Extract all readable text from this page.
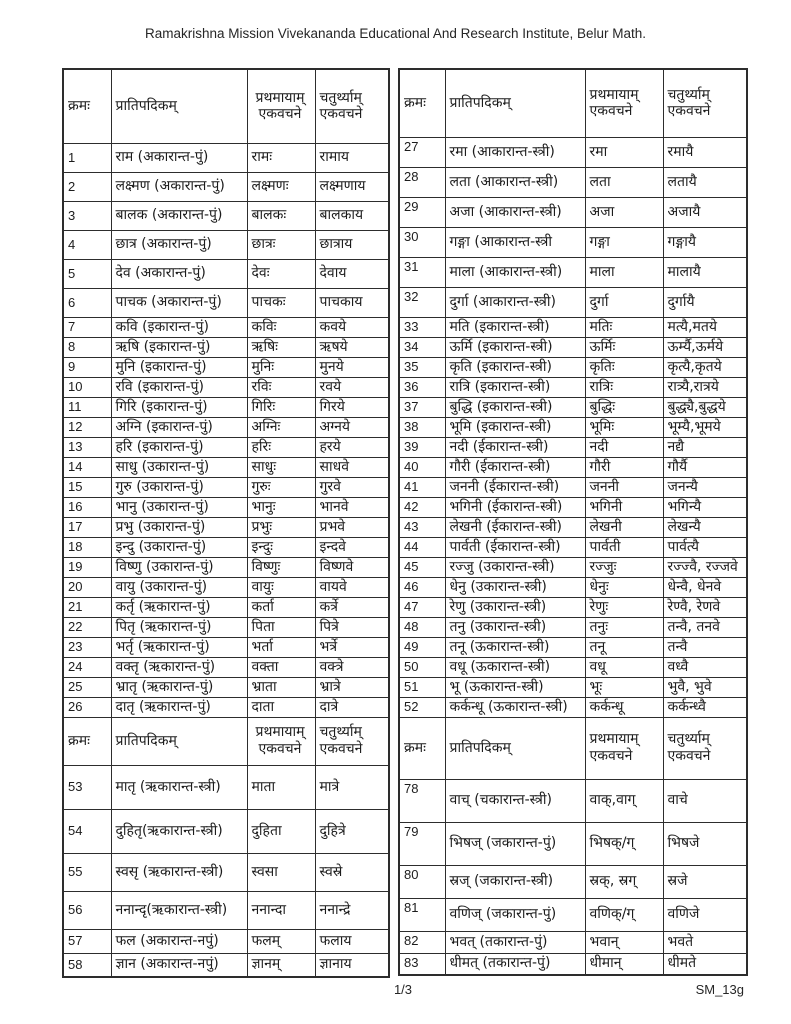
Ramakrishna Mission Vivekananda Educational And Research Institute, Belur Math.
क्रमः	प्रातिपदिकम्	प्रथमायाम् एकवचने	चतुर्थ्याम् एकवचने
1	राम (अकारान्त-पुं)	रामः	रामाय
2	लक्ष्मण (अकारान्त-पुं)	लक्ष्मणः	लक्ष्मणाय
3	बालक (अकारान्त-पुं)	बालकः	बालकाय
4	छात्र (अकारान्त-पुं)	छात्रः	छात्राय
5	देव (अकारान्त-पुं)	देवः	देवाय
6	पाचक (अकारान्त-पुं)	पाचकः	पाचकाय
7	कवि (इकारान्त-पुं)	कविः	कवये
8	ऋषि (इकारान्त-पुं)	ऋषिः	ऋषये
9	मुनि (इकारान्त-पुं)	मुनिः	मुनये
10	रवि (इकारान्त-पुं)	रविः	रवये
11	गिरि (इकारान्त-पुं)	गिरिः	गिरये
12	अग्नि (इकारान्त-पुं)	अग्निः	अग्नये
13	हरि (इकारान्त-पुं)	हरिः	हरये
14	साधु (उकारान्त-पुं)	साधुः	साधवे
15	गुरु (उकारान्त-पुं)	गुरुः	गुरवे
16	भानु (उकारान्त-पुं)	भानुः	भानवे
17	प्रभु (उकारान्त-पुं)	प्रभुः	प्रभवे
18	इन्दु (उकारान्त-पुं)	इन्दुः	इन्दवे
19	विष्णु (उकारान्त-पुं)	विष्णुः	विष्णवे
20	वायु (उकारान्त-पुं)	वायुः	वायवे
21	कर्तृ (ऋकारान्त-पुं)	कर्ता	कर्त्रे
22	पितृ (ऋकारान्त-पुं)	पिता	पित्रे
23	भर्तृ (ऋकारान्त-पुं)	भर्ता	भर्त्रे
24	वक्तृ (ऋकारान्त-पुं)	वक्ता	वक्त्रे
25	भ्रातृ (ऋकारान्त-पुं)	भ्राता	भ्रात्रे
26	दातृ (ऋकारान्त-पुं)	दाता	दात्रे
क्रमः	प्रातिपदिकम्	प्रथमायाम् एकवचने	चतुर्थ्याम् एकवचने
53	मातृ (ऋकारान्त-स्त्री)	माता	मात्रे
54	दुहितृ(ऋकारान्त-स्त्री)	दुहिता	दुहित्रे
55	स्वसृ (ऋकारान्त-स्त्री)	स्वसा	स्वस्रे
56	ननान्दृ(ऋकारान्त-स्त्री)	ननान्दा	ननान्द्रे
57	फल (अकारान्त-नपुं)	फलम्	फलाय
58	ज्ञान (अकारान्त-नपुं)	ज्ञानम्	ज्ञानाय
क्रमः	प्रातिपदिकम्	प्रथमायाम् एकवचने	चतुर्थ्याम् एकवचने
27	रमा (आकारान्त-स्त्री)	रमा	रमायै
28	लता (आकारान्त-स्त्री)	लता	लतायै
29	अजा (आकारान्त-स्त्री)	अजा	अजायै
30	गङ्गा (आकारान्त-स्त्री	गङ्गा	गङ्गायै
31	माला (आकारान्त-स्त्री)	माला	मालायै
32	दुर्गा (आकारान्त-स्त्री)	दुर्गा	दुर्गायै
33	मति (इकारान्त-स्त्री)	मतिः	मत्यै,मतये
34	ऊर्मि (इकारान्त-स्त्री)	ऊर्मिः	ऊर्म्यै,ऊर्मये
35	कृति (इकारान्त-स्त्री)	कृतिः	कृत्यै,कृतये
36	रात्रि (इकारान्त-स्त्री)	रात्रिः	रात्र्यै,रात्रये
37	बुद्धि (इकारान्त-स्त्री)	बुद्धिः	बुद्ध्यै,बुद्धये
38	भूमि (इकारान्त-स्त्री)	भूमिः	भूम्यै,भूमये
39	नदी (ईकारान्त-स्त्री)	नदी	नद्यै
40	गौरी (ईकारान्त-स्त्री)	गौरी	गौर्यै
41	जननी (ईकारान्त-स्त्री)	जननी	जनन्यै
42	भगिनी (ईकारान्त-स्त्री)	भगिनी	भगिन्यै
43	लेखनी (ईकारान्त-स्त्री)	लेखनी	लेखन्यै
44	पार्वती (ईकारान्त-स्त्री)	पार्वती	पार्वत्यै
45	रज्जु (उकारान्त-स्त्री)	रज्जुः	रज्ज्वै, रज्जवे
46	धेनु (उकारान्त-स्त्री)	धेनुः	धेन्वै, धेनवे
47	रेणु (उकारान्त-स्त्री)	रेणुः	रेण्वै, रेणवे
48	तनु (उकारान्त-स्त्री)	तनुः	तन्वै, तनवे
49	तनू (ऊकारान्त-स्त्री)	तनू	तन्वै
50	वधू (ऊकारान्त-स्त्री)	वधू	वध्वै
51	भू (ऊकारान्त-स्त्री)	भूः	भुवै, भुवे
52	कर्कन्धू (ऊकारान्त-स्त्री)	कर्कन्धू	कर्कन्ध्वै
क्रमः	प्रातिपदिकम्	प्रथमायाम् एकवचने	चतुर्थ्याम् एकवचने
78	वाच् (चकारान्त-स्त्री)	वाक्,वाग्	वाचे
79	भिषज् (जकारान्त-पुं)	भिषक्/ग्	भिषजे
80	स्रज् (जकारान्त-स्त्री)	स्रक्, स्रग्	स्रजे
81	वणिज् (जकारान्त-पुं)	वणिक्/ग्	वणिजे
82	भवत् (तकारान्त-पुं)	भवान्	भवते
83	धीमत् (तकारान्त-पुं)	धीमान्	धीमते
1/3	SM_13g
